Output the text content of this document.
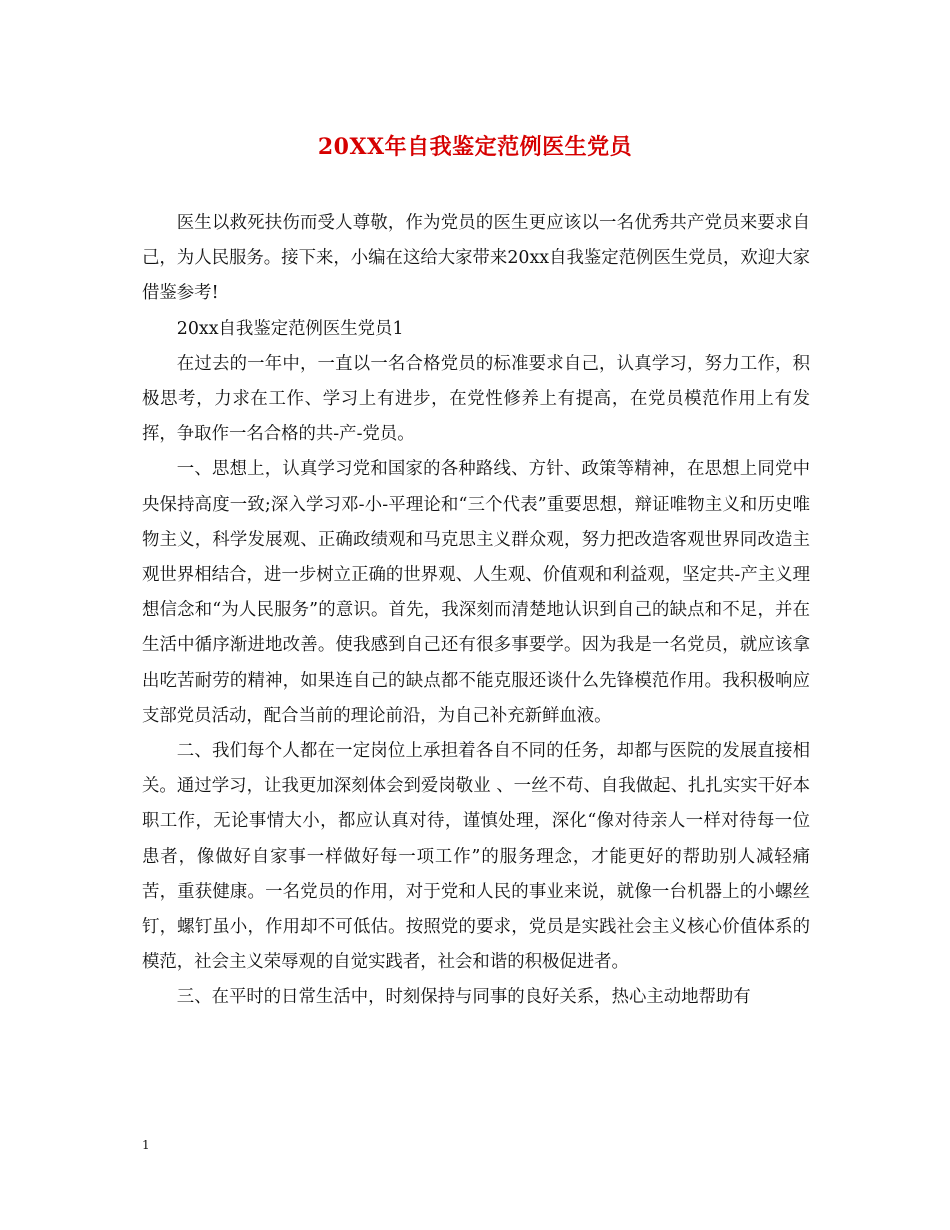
20XX年自我鉴定范例医生党员

医生以救死扶伤而受人尊敬，作为党员的医生更应该以一名优秀共产党员来要求自己，为人民服务。接下来，小编在这给大家带来20xx自我鉴定范例医生党员，欢迎大家借鉴参考!

20xx自我鉴定范例医生党员1

在过去的一年中，一直以一名合格党员的标准要求自己，认真学习，努力工作，积极思考，力求在工作、学习上有进步，在党性修养上有提高，在党员模范作用上有发挥，争取作一名合格的共-产-党员。

一、思想上，认真学习党和国家的各种路线、方针、政策等精神，在思想上同党中央保持高度一致;深入学习邓-小-平理论和“三个代表”重要思想，辩证唯物主义和历史唯物主义，科学发展观、正确政绩观和马克思主义群众观，努力把改造客观世界同改造主观世界相结合，进一步树立正确的世界观、人生观、价值观和利益观，坚定共-产主义理想信念和“为人民服务”的意识。首先，我深刻而清楚地认识到自己的缺点和不足，并在生活中循序渐进地改善。使我感到自己还有很多事要学。因为我是一名党员，就应该拿出吃苦耐劳的精神，如果连自己的缺点都不能克服还谈什么先锋模范作用。我积极响应支部党员活动，配合当前的理论前沿，为自己补充新鲜血液。

二、我们每个人都在一定岗位上承担着各自不同的任务，却都与医院的发展直接相关。通过学习，让我更加深刻体会到爱岗敬业 、一丝不苟、自我做起、扎扎实实干好本职工作，无论事情大小，都应认真对待，谨慎处理，深化“像对待亲人一样对待每一位患者，像做好自家事一样做好每一项工作”的服务理念，才能更好的帮助别人减轻痛苦，重获健康。一名党员的作用，对于党和人民的事业来说，就像一台机器上的小螺丝钉，螺钉虽小，作用却不可低估。按照党的要求，党员是实践社会主义核心价值体系的模范，社会主义荣辱观的自觉实践者，社会和谐的积极促进者。

三、在平时的日常生活中，时刻保持与同事的良好关系，热心主动地帮助有

1
